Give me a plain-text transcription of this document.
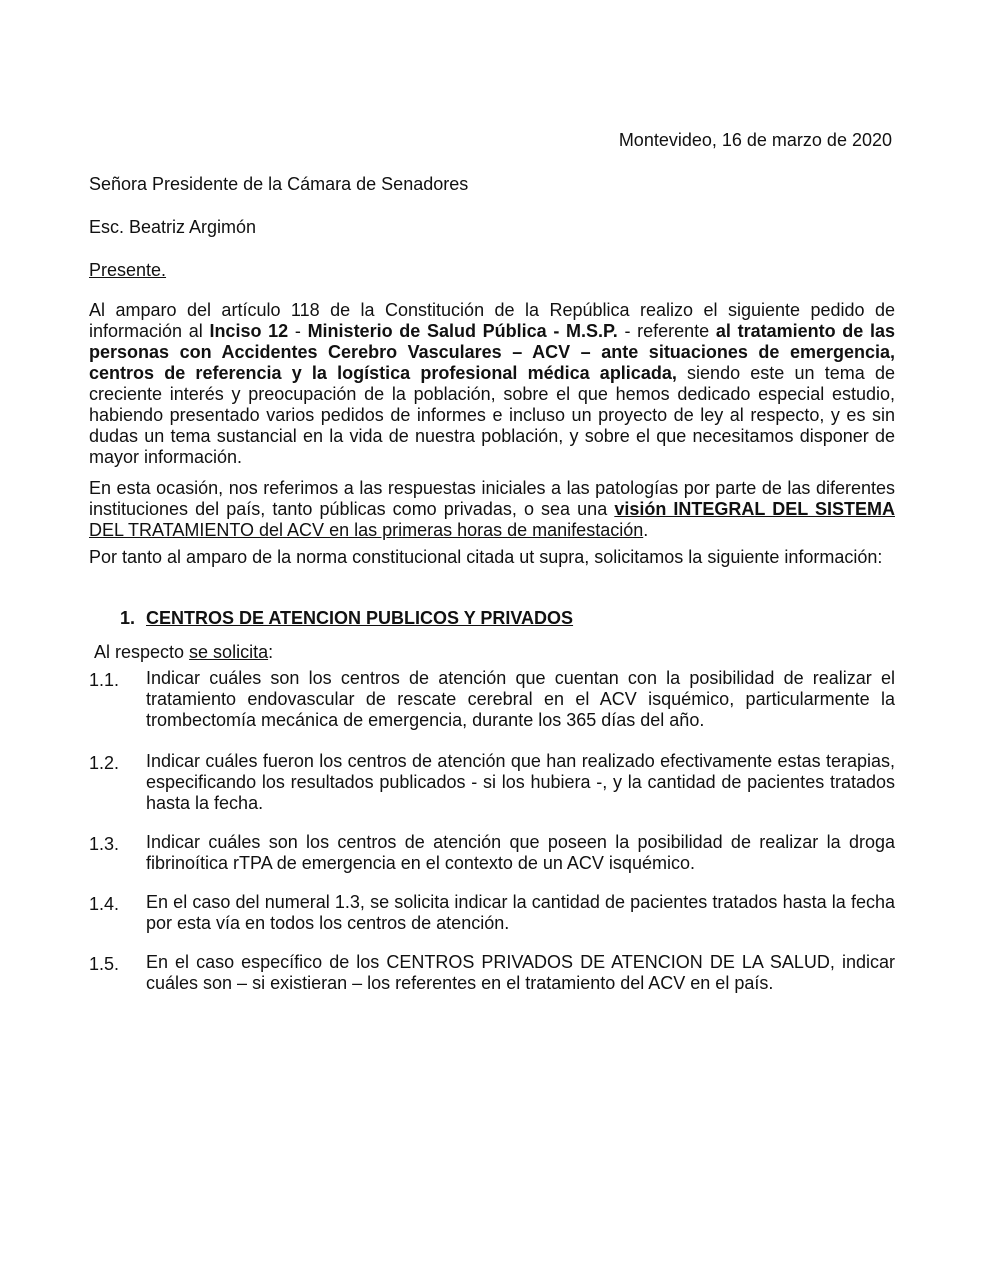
Montevideo, 16 de marzo de 2020
Señora Presidente de la Cámara de Senadores
Esc. Beatriz Argimón
Presente.

Al amparo del artículo 118 de la Constitución de la República realizo el siguiente pedido de información al Inciso 12 - Ministerio de Salud Pública - M.S.P. - referente al tratamiento de las personas con Accidentes Cerebro Vasculares – ACV – ante situaciones de emergencia, centros de referencia y la logística profesional médica aplicada, siendo este un tema de creciente interés y preocupación de la población, sobre el que hemos dedicado especial estudio, habiendo presentado varios pedidos de informes e incluso un proyecto de ley al respecto, y es sin dudas un tema sustancial en la vida de nuestra población, y sobre el que necesitamos disponer de mayor información.

En esta ocasión, nos referimos a las respuestas iniciales a las patologías por parte de las diferentes instituciones del país, tanto públicas como privadas, o sea una visión INTEGRAL DEL SISTEMA DEL TRATAMIENTO del ACV en las primeras horas de manifestación.

Por tanto al amparo de la norma constitucional citada ut supra, solicitamos la siguiente información:

1. CENTROS DE ATENCION PUBLICOS Y PRIVADOS
Al respecto se solicita:
1.1. Indicar cuáles son los centros de atención que cuentan con la posibilidad de realizar el tratamiento endovascular de rescate cerebral en el ACV isquémico, particularmente la trombectomía mecánica de emergencia, durante los 365 días del año.
1.2. Indicar cuáles fueron los centros de atención que han realizado efectivamente estas terapias, especificando los resultados publicados - si los hubiera -, y la cantidad de pacientes tratados hasta la fecha.
1.3. Indicar cuáles son los centros de atención que poseen la posibilidad de realizar la droga fibrinoítica rTPA de emergencia en el contexto de un ACV isquémico.
1.4. En el caso del numeral 1.3, se solicita indicar la cantidad de pacientes tratados hasta la fecha por esta vía en todos los centros de atención.
1.5. En el caso específico de los CENTROS PRIVADOS DE ATENCION DE LA SALUD, indicar cuáles son – si existieran – los referentes en el tratamiento del ACV en el país.
